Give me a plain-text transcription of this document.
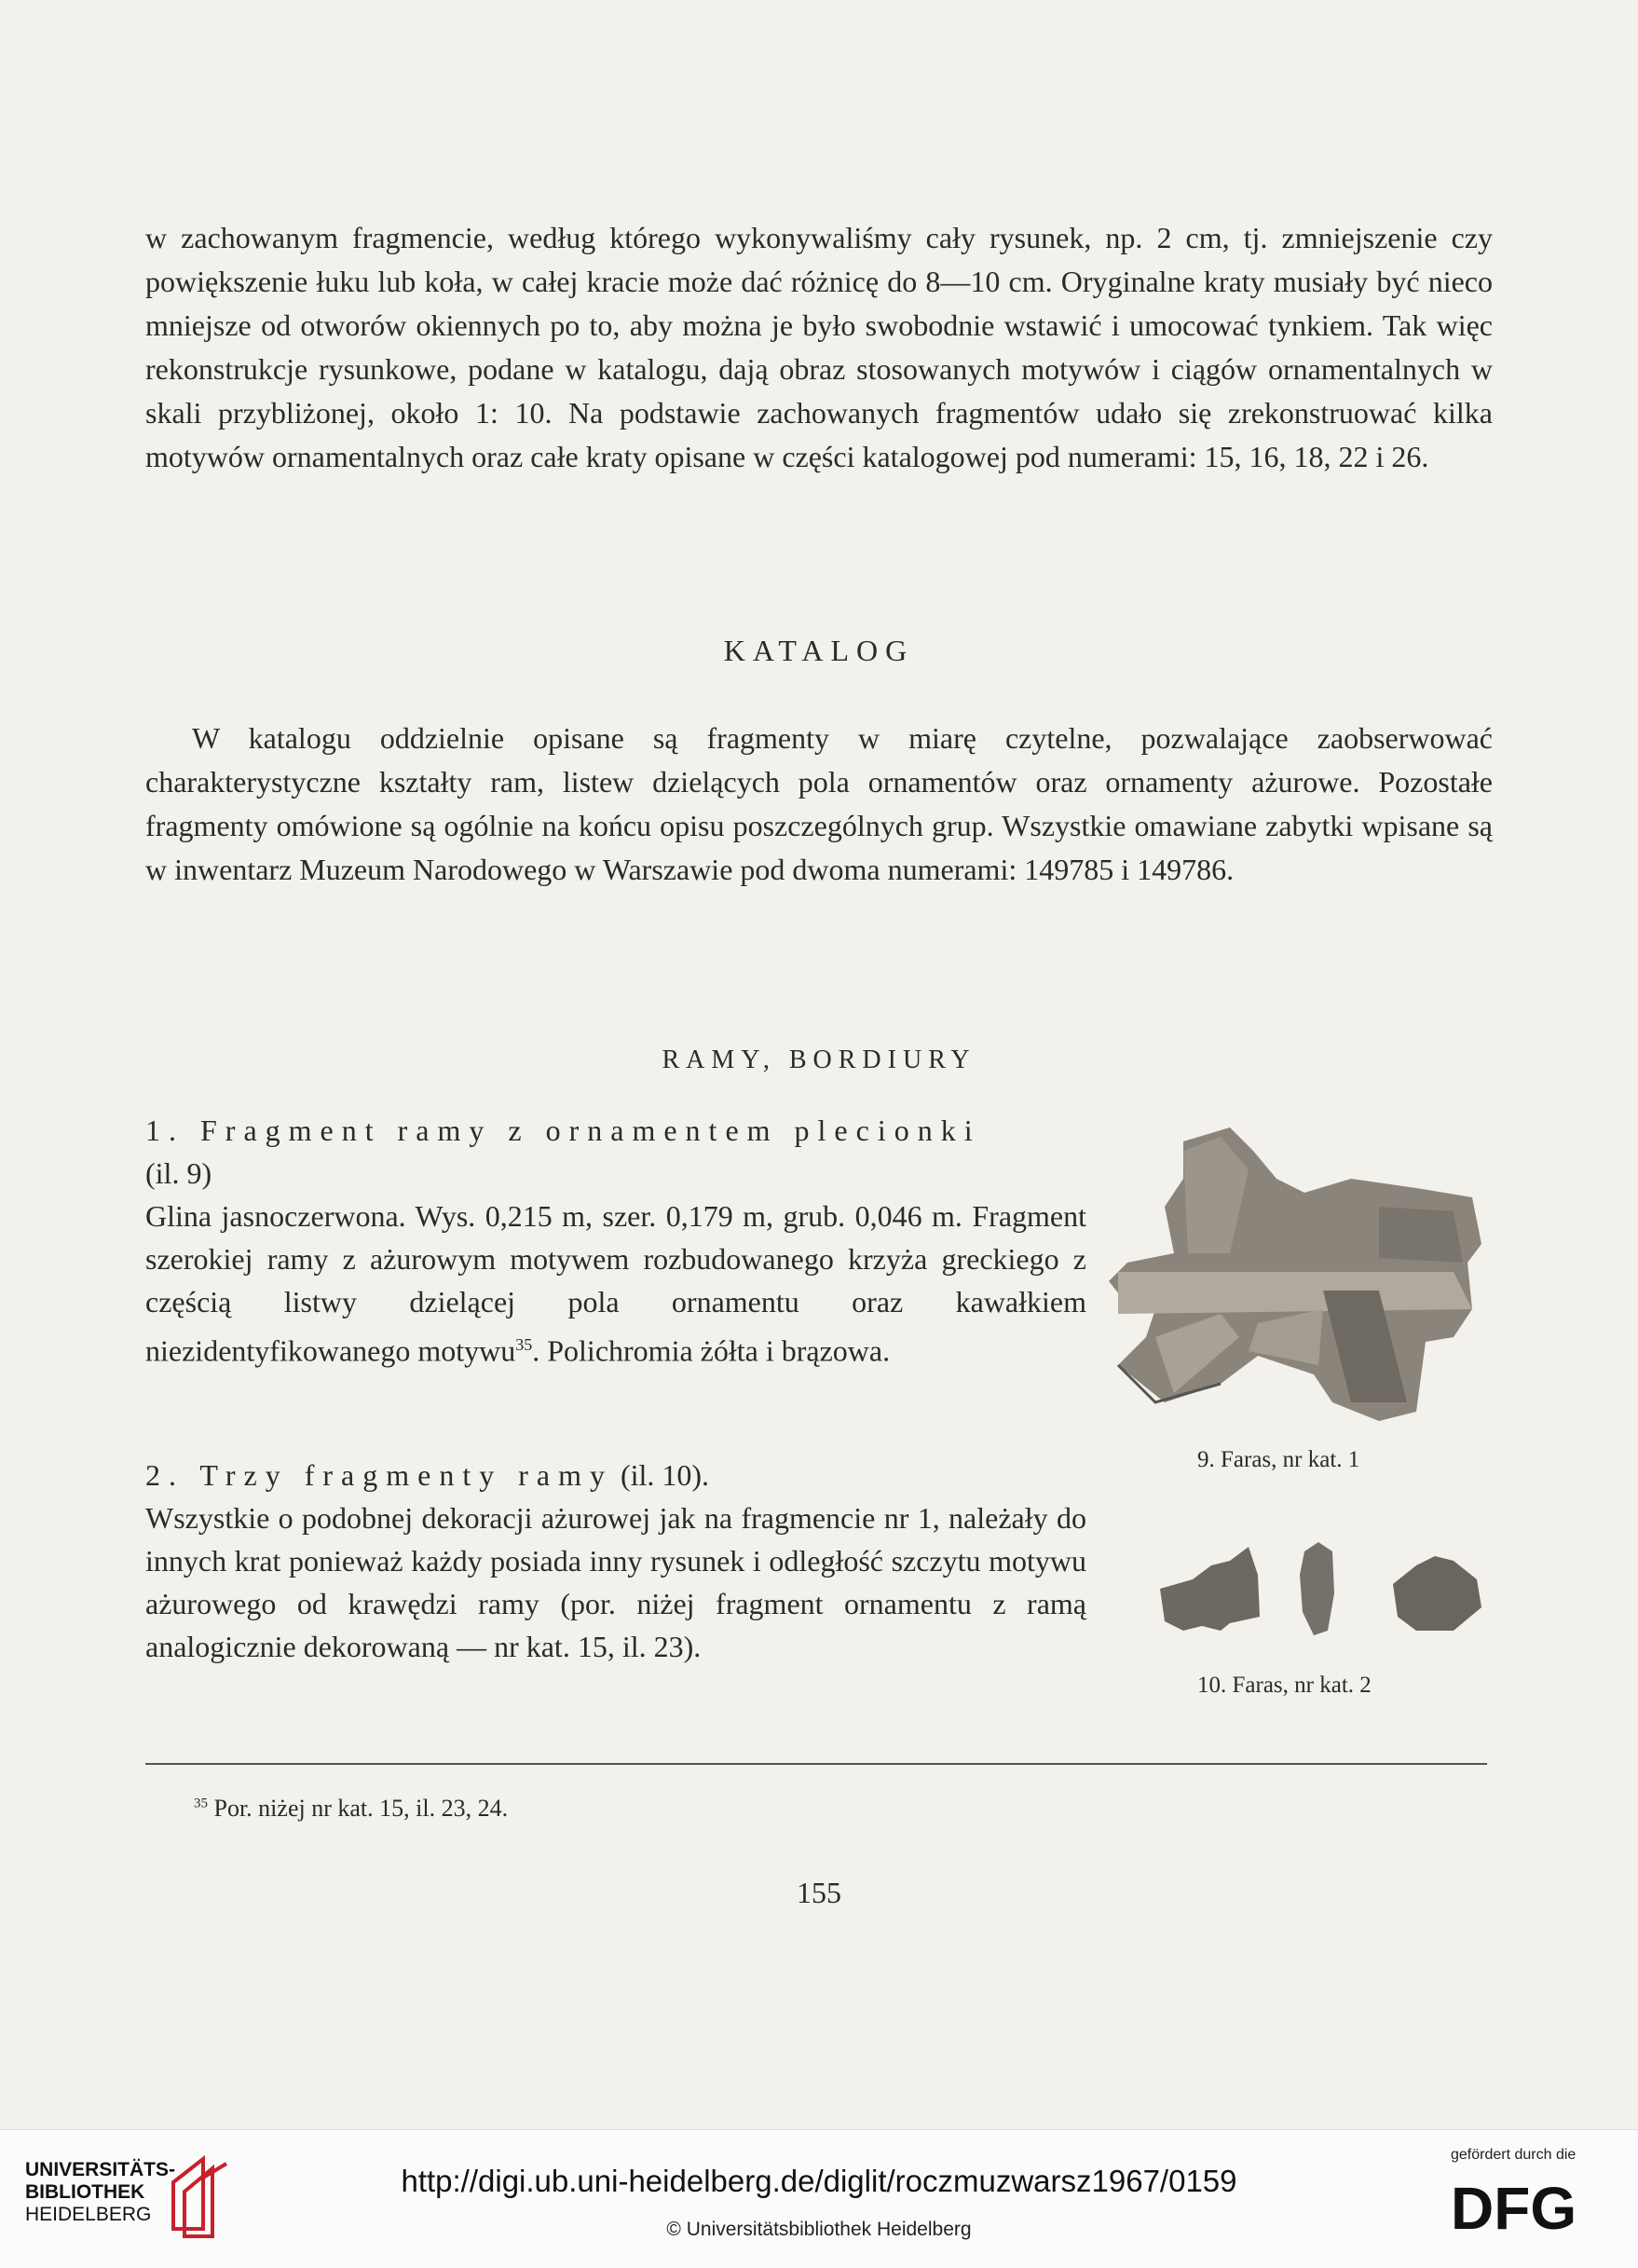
w zachowanym fragmencie, według którego wykonywaliśmy cały rysunek, np. 2 cm, tj. zmniejszenie czy powiększenie łuku lub koła, w całej kracie może dać różnicę do 8—10 cm. Oryginalne kraty musiały być nieco mniejsze od otworów okiennych po to, aby można je było swobodnie wstawić i umocować tynkiem. Tak więc rekonstrukcje rysunkowe, podane w katalogu, dają obraz stosowanych motywów i ciągów ornamentalnych w skali przybliżonej, około 1: 10. Na podstawie zachowanych fragmentów udało się zrekonstruować kilka motywów ornamentalnych oraz całe kraty opisane w części katalogowej pod numerami: 15, 16, 18, 22 i 26.
KATALOG
W katalogu oddzielnie opisane są fragmenty w miarę czytelne, pozwalające zaobserwować charakterystyczne kształty ram, listew dzielących pola ornamentów oraz ornamenty ażurowe. Pozostałe fragmenty omówione są ogólnie na końcu opisu poszczególnych grup. Wszystkie omawiane zabytki wpisane są w inwentarz Muzeum Narodowego w Warszawie pod dwoma numerami: 149785 i 149786.
RAMY, BORDIURY
1. Fragment ramy z ornamentem plecionki
(il. 9)
Glina jasnoczerwona. Wys. 0,215 m, szer. 0,179 m, grub. 0,046 m. Fragment szerokiej ramy z ażurowym motywem rozbudowanego krzyża greckiego z częścią listwy dzielącej pola ornamentu oraz kawałkiem niezidentyfikowanego motywu$^{35}$. Polichromia żółta i brązowa.
2. Trzy fragmenty ramy (il. 10).
Wszystkie o podobnej dekoracji ażurowej jak na fragmencie nr 1, należały do innych krat ponieważ każdy posiada inny rysunek i odległość szczytu motywu ażurowego od krawędzi ramy (por. niżej fragment ornamentu z ramą analogicznie dekorowaną — nr kat. 15, il. 23).
9. Faras, nr kat. 1
10. Faras, nr kat. 2
$^{35}$ Por. niżej nr kat. 15, il. 23, 24.
155
UNIVERSITÄTS-
BIBLIOTHEK
HEIDELBERG
http://digi.ub.uni-heidelberg.de/diglit/roczmuzwarsz1967/0159
© Universitätsbibliothek Heidelberg
gefördert durch die
DFG
